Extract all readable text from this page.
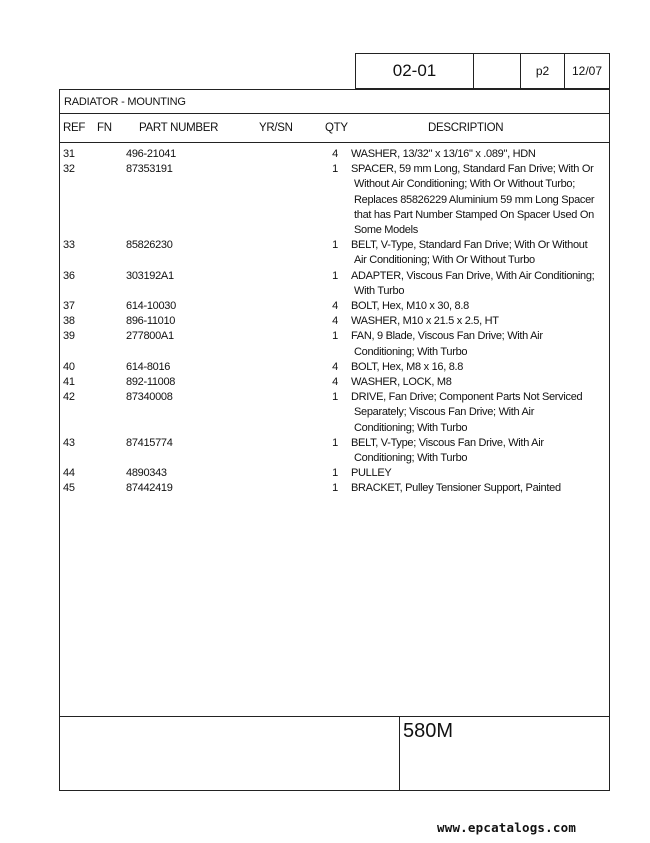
02-01	p2	12/07
RADIATOR - MOUNTING
REF FN PART NUMBER	YR/SN	QTY	DESCRIPTION
31	496-21041	4 WASHER, 13/32" x 13/16" x .089", HDN
32	87353191	1 SPACER, 59 mm Long, Standard Fan Drive; With Or
Without Air Conditioning; With Or Without Turbo;
Replaces 85826229 Aluminium 59 mm Long Spacer
that has Part Number Stamped On Spacer Used On
Some Models
33	85826230	1 BELT, V-Type, Standard Fan Drive; With Or Without
Air Conditioning; With Or Without Turbo
36	303192A1	1 ADAPTER, Viscous Fan Drive, With Air Conditioning;
With Turbo
37	614-10030	4 BOLT, Hex, M10 x 30, 8.8
38	896-11010	4 WASHER, M10 x 21.5 x 2.5, HT
39	277800A1	1 FAN, 9 Blade, Viscous Fan Drive; With Air
Conditioning; With Turbo
40	614-8016	4 BOLT, Hex, M8 x 16, 8.8
41	892-11008	4 WASHER, LOCK, M8
42	87340008	1 DRIVE, Fan Drive; Component Parts Not Serviced
Separately; Viscous Fan Drive; With Air
Conditioning; With Turbo
43	87415774	1 BELT, V-Type; Viscous Fan Drive, With Air
Conditioning; With Turbo
44	4890343	1 PULLEY
45	87442419	1 BRACKET, Pulley Tensioner Support, Painted
580M
www.epcatalogs.com
